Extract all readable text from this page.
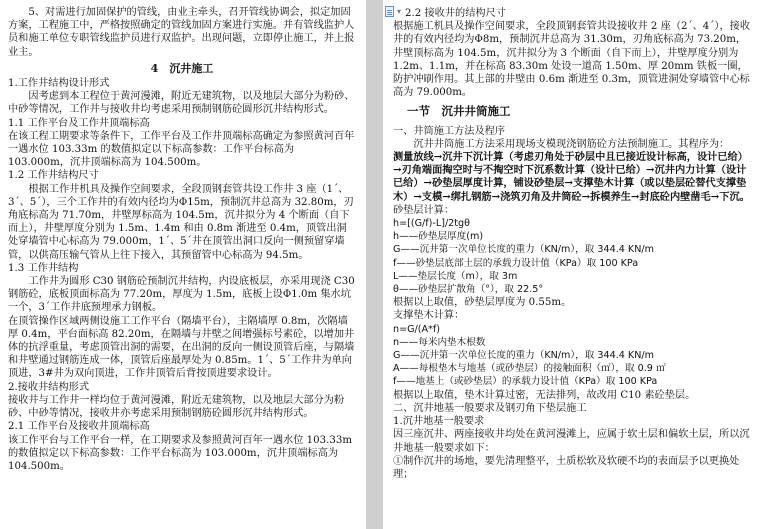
5、对需进行加固保护的管线，由业主牵头，召开管线协调会，拟定加固方案，工程施工中，严格按照确定的管线加固方案进行实施。并有管线监护人员和施工单位专职管线监护员进行双监护。出现问题，立即停止施工，并上报业主。

4　沉井施工

1.工作井结构设计形式

因考虑到本工程位于黄河漫滩，附近无建筑物，以及地层大部分为粉砂、中砂等情况，工作井与接收井均考虑采用预制钢筋砼圆形沉井结构形式。

1.1 工作平台及工作井顶端标高

在该工程工期要求等条件下，工作平台及工作井顶端标高确定为参照黄河百年一遇水位 103.33m 的数值拟定以下标高参数：工作平台标高为 103.000m，沉井顶端标高为 104.500m。

1.2 工作井结构尺寸

根据工作井机具及操作空间要求，全段顶钢套管共设工作井 3 座（1ˊ、3ˊ、5ˊ），三个工作井的有效内径均为Φ15m，预制沉井总高为 32.80m，刃角底标高为 71.70m，井壁厚标高为 104.5m，沉井拟分为 4 个断面（自下而上），井壁厚度分别为 1.5m、1.4m 和由 0.8m 渐进至 0.4m，顶管出洞处穿墙管中心标高为 79.000m，1ˊ、5ˊ井在顶管出洞口反向一侧预留穿墙管，以供高压输气管从上往下接入，其预留管中心标高为 94.5m。

1.3 工作井结构

工作井为圆形 C30 钢筋砼预制沉井结构，内设底板层，亦采用现浇 C30 钢筋砼，底板顶面标高为 77.20m，厚度为 1.5m，底板上设Φ1.0m 集水坑一个，3ˊ工作井底预埋承力钢板。

在顶管操作区域两侧设施工工作平台（隔墙平台），主隔墙厚 0.8m，次隔墙厚 0.4m，平台面标高 82.20m，在隔墙与井壁之间增强标号素砼，以增加井体的抗浮重量，考虑顶管出洞的需要，在出洞的反向一侧设顶管后座，与隔墙和井壁通过钢筋连成一体，顶管后座最厚处为 0.85m。1ˊ、5ˊ工作井为单向顶进，3#井为双向顶进，工作井顶管后背按顶进要求设计。

2.接收井结构形式

接收井与工作井一样均位于黄河漫滩，附近无建筑物，以及地层大部分为粉砂、中砂等情况，接收井亦考虑采用预制钢筋砼圆形沉井结构形式。

2.1 工作平台及接收井顶端标高

该工作平台与工作平台一样，在工期要求及参照黄河百年一遇水位 103.33m 的数值拟定以下标高参数：工作平台标高为 103.000m，沉井顶端标高为 104.500m。

▾ 2.2 接收井的结构尺寸

根据施工机具及操作空间要求，全段顶钢套管共设接收井 2 座（2ˊ、4ˊ），接收井的有效内径均为Φ8m，预制沉井总高为 31.30m，刃角底标高为 73.20m，井壁顶标高为 104.5m，沉井拟分为 3 个断面（自下而上），井壁厚度分别为 1.2m、1.1m，并在标高 83.30m 处设一道高 1.50m、厚 20mm 铁板一圈，防护冲刷作用。其上部的井壁由 0.6m 渐进至 0.3m，顶管进洞处穿墙管中心标高为 79.000m。

一节　沉井井筒施工

一、井筒施工方法及程序

沉井井筒施工方法采用现场支模现浇钢筋砼方法预制施工。其程序为：

测量放线→沉井下沉计算（考虑刃角处于砂层中且已接近设计标高，设计已给）→刃角端面掏空时与不掏空时下沉系数计算（设计已给）→沉井内力计算（设计已给）→砂垫层厚度计算，铺设砂垫层→支撑垫木计算（或以垫层砼替代支撑垫木）→支模→绑扎钢筋→浇筑刃角及井筒砼→拆模养生→封底砼内壁凿毛→下沉。

砂垫层计算：

h=[(G/f)-L]/2tgθ

h——砂垫层厚度(m)

G——沉井第一次单位长度的重力（KN/m），取 344.4 KN/m

f——砂垫层底部土层的承载力设计值（KPa）取 100 KPa

L——垫层长度（m），取 3m

θ——砂垫层扩散角（°），取 22.5°

根据以上取值，砂垫层厚度为 0.55m。

支撑垫木计算：

n=G/(A*f)

n——每米内垫木根数

G——沉井第一次单位长度的重力（KN/m），取 344.4 KN/m

A——每根垫木与地基（或砂垫层）的接触面积（㎡），取 0.9 ㎡

f——地基上（或砂垫层）的承载力设计值（KPa）取 100 KPa

根据以上取值，垫木计算过密，无法排列，故改用 C10 素砼垫层。

二、沉井地基一般要求及钢刃角下垫层施工

1.沉井地基一般要求

因三座沉井、两座接收井均处在黄河漫滩上，应属于软土层和偏软土层，所以沉井地基一般要求如下：

①制作沉井的场地，要先清理整平，土质松软及软硬不均的表面层予以更换处理；
